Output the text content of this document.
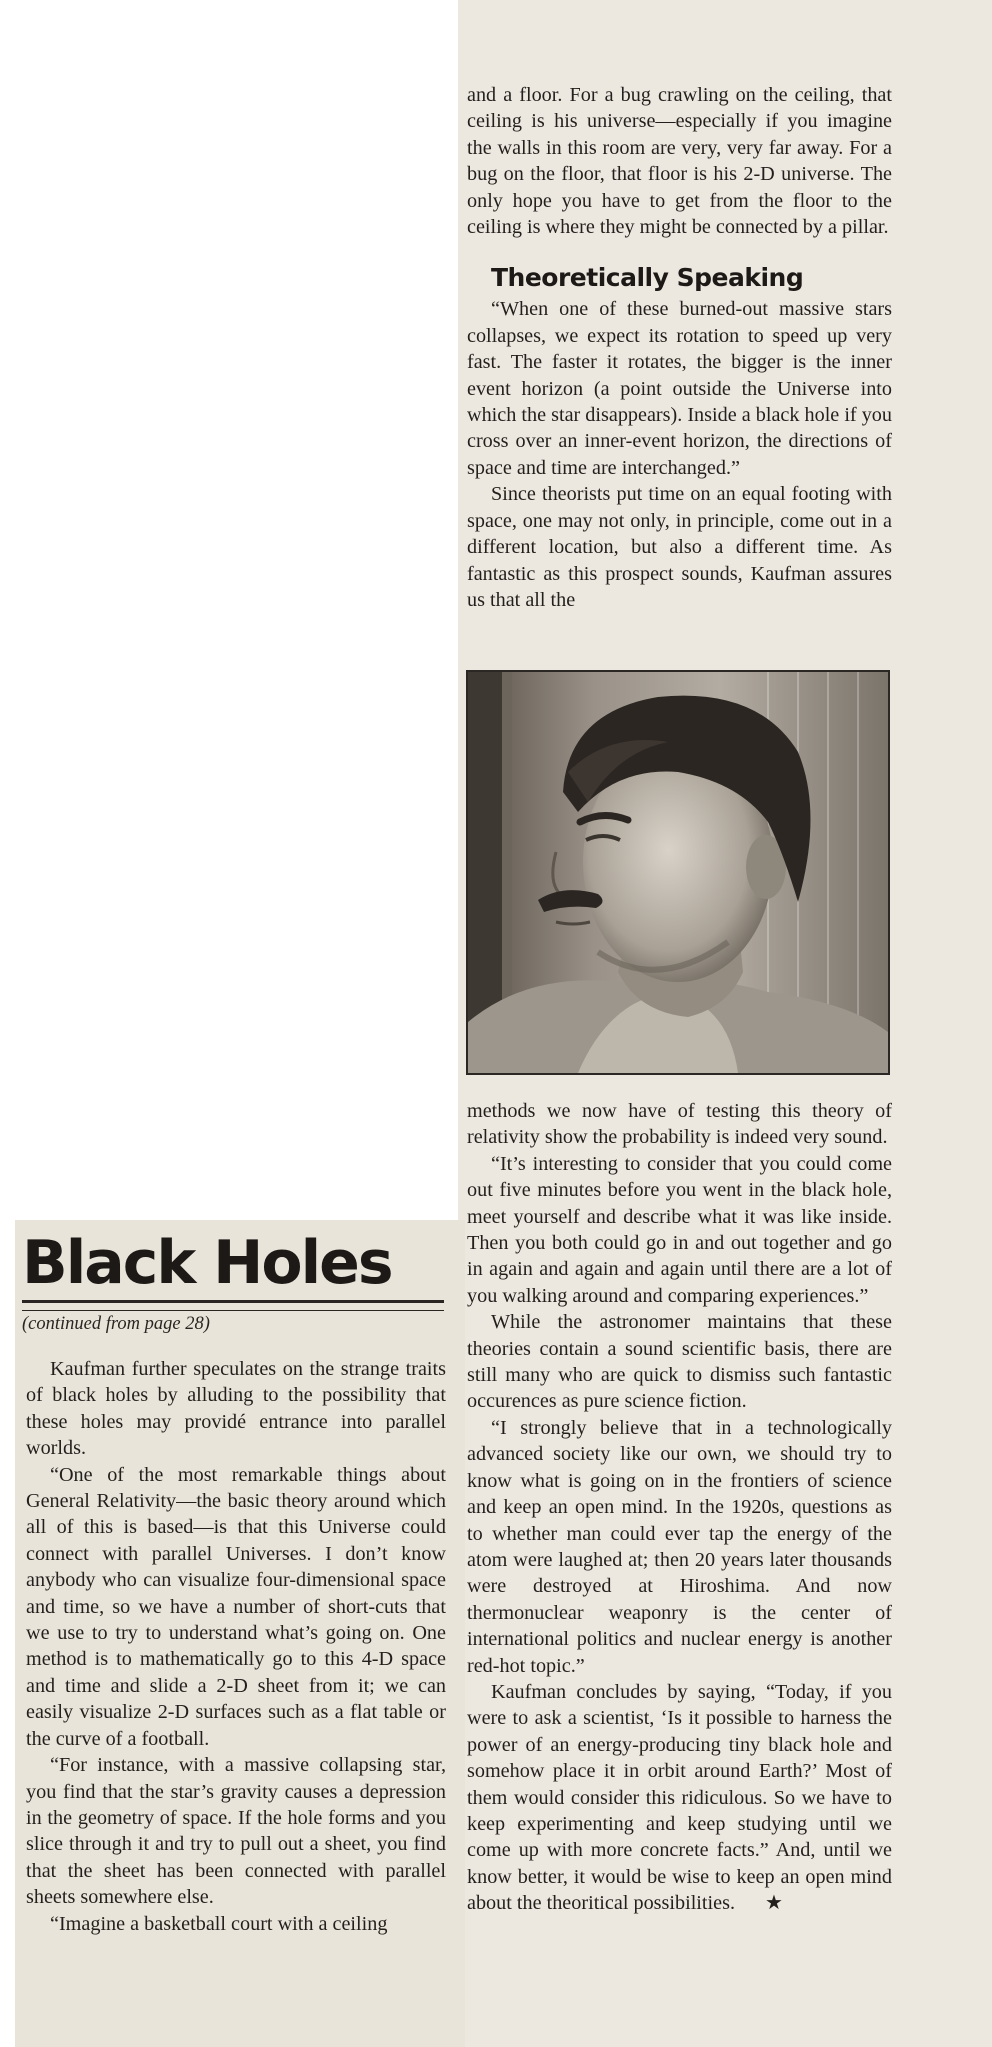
and a floor. For a bug crawling on the ceiling, that ceiling is his universe—especially if you imagine the walls in this room are very, very far away. For a bug on the floor, that floor is his 2-D universe. The only hope you have to get from the floor to the ceiling is where they might be connected by a pillar.

Theoretically Speaking

“When one of these burned-out massive stars collapses, we expect its rotation to speed up very fast. The faster it rotates, the bigger is the inner event horizon (a point outside the Universe into which the star disappears). Inside a black hole if you cross over an inner-event horizon, the directions of space and time are interchanged.”

Since theorists put time on an equal footing with space, one may not only, in principle, come out in a different location, but also a different time. As fantastic as this prospect sounds, Kaufman assures us that all the

methods we now have of testing this theory of relativity show the probability is indeed very sound.

“It’s interesting to consider that you could come out five minutes before you went in the black hole, meet yourself and describe what it was like inside. Then you both could go in and out together and go in again and again and again until there are a lot of you walking around and comparing experiences.”

While the astronomer maintains that these theories contain a sound scientific basis, there are still many who are quick to dismiss such fantastic occurences as pure science fiction.

“I strongly believe that in a technologically advanced society like our own, we should try to know what is going on in the frontiers of science and keep an open mind. In the 1920s, questions as to whether man could ever tap the energy of the atom were laughed at; then 20 years later thousands were destroyed at Hiroshima. And now thermonuclear weaponry is the center of international politics and nuclear energy is another red-hot topic.”

Kaufman concludes by saying, “Today, if you were to ask a scientist, ‘Is it possible to harness the power of an energy-producing tiny black hole and somehow place it in orbit around Earth?’ Most of them would consider this ridiculous. So we have to keep experimenting and keep studying until we come up with more concrete facts.” And, until we know better, it would be wise to keep an open mind about the theoritical possibilities. ★

Black Holes
(continued from page 28)

Kaufman further speculates on the strange traits of black holes by alluding to the possibility that these holes may providé entrance into parallel worlds.

“One of the most remarkable things about General Relativity—the basic theory around which all of this is based—is that this Universe could connect with parallel Universes. I don’t know anybody who can visualize four-dimensional space and time, so we have a number of short-cuts that we use to try to understand what’s going on. One method is to mathematically go to this 4-D space and time and slide a 2-D sheet from it; we can easily visualize 2-D surfaces such as a flat table or the curve of a football.

“For instance, with a massive collapsing star, you find that the star’s gravity causes a depression in the geometry of space. If the hole forms and you slice through it and try to pull out a sheet, you find that the sheet has been connected with parallel sheets somewhere else.

“Imagine a basketball court with a ceiling
